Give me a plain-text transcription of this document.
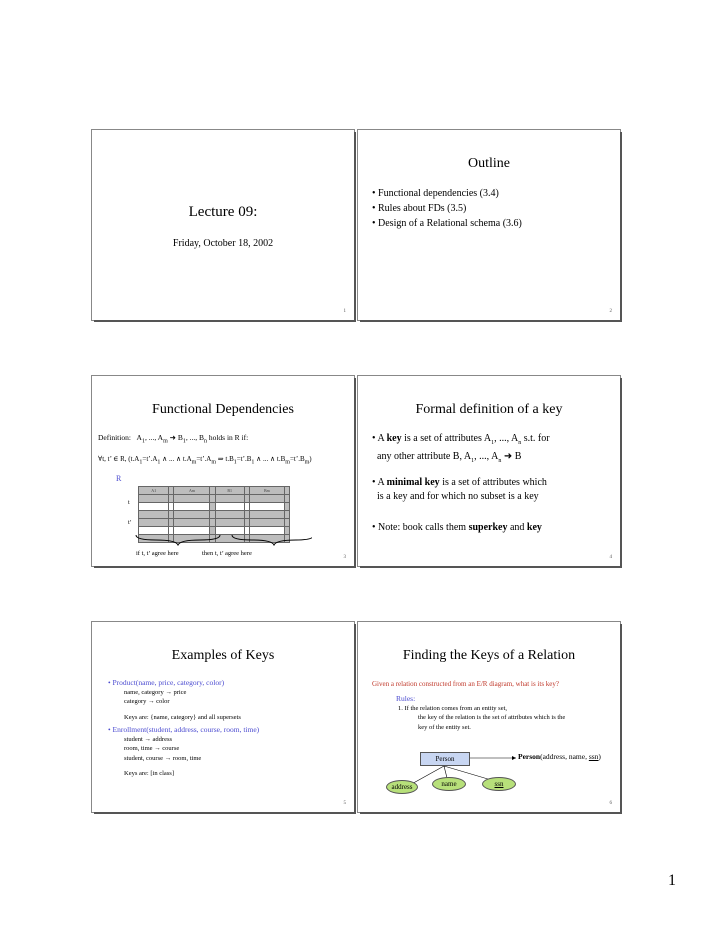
Lecture 09:
Friday, October 18, 2002
1
Outline
• Functional dependencies (3.4)
• Rules about FDs (3.5)
• Design of a Relational schema (3.6)
2
Functional Dependencies
Definition:   $A_1$, ..., $A_m$ ➜ $B_1$, ..., $B_n$ holds in R if:
∀t, t’ ∈ R, ($t.A_1=t’.A_1$ ∧ ... ∧ $t.A_m=t’.A_m$ ⇒ $t.B_1=t’.B_1$ ∧ ... ∧ $t.B_m=t’.B_m$)
R
A1		Am		B1		Bm	

t
t’
if t, t’ agree here	then t, t’ agree here
3
Formal definition of a key
• A key is a set of attributes $A_1$, ..., $A_n$ s.t. for
any other attribute B, $A_1$, ..., $A_n$ ➜ B
• A minimal key is a set of attributes which
is a key and for which no subset is a key
• Note: book calls them superkey and key
4
Examples of Keys
• Product(name, price, category, color)
name, category → price
category → color
Keys are: {name, category} and all supersets
• Enrollment(student, address, course, room, time)
student → address
room, time → course
student, course → room, time
Keys are: [in class]
5
Finding the Keys of a Relation
Given a relation constructed from an E/R diagram, what is its key?
Rules:
1. If the relation comes from an entity set,
the key of the relation is the set of attributes which is the
key of the entity set.
Person
address	name	ssn
Person(address, name, ssn)
6
1
